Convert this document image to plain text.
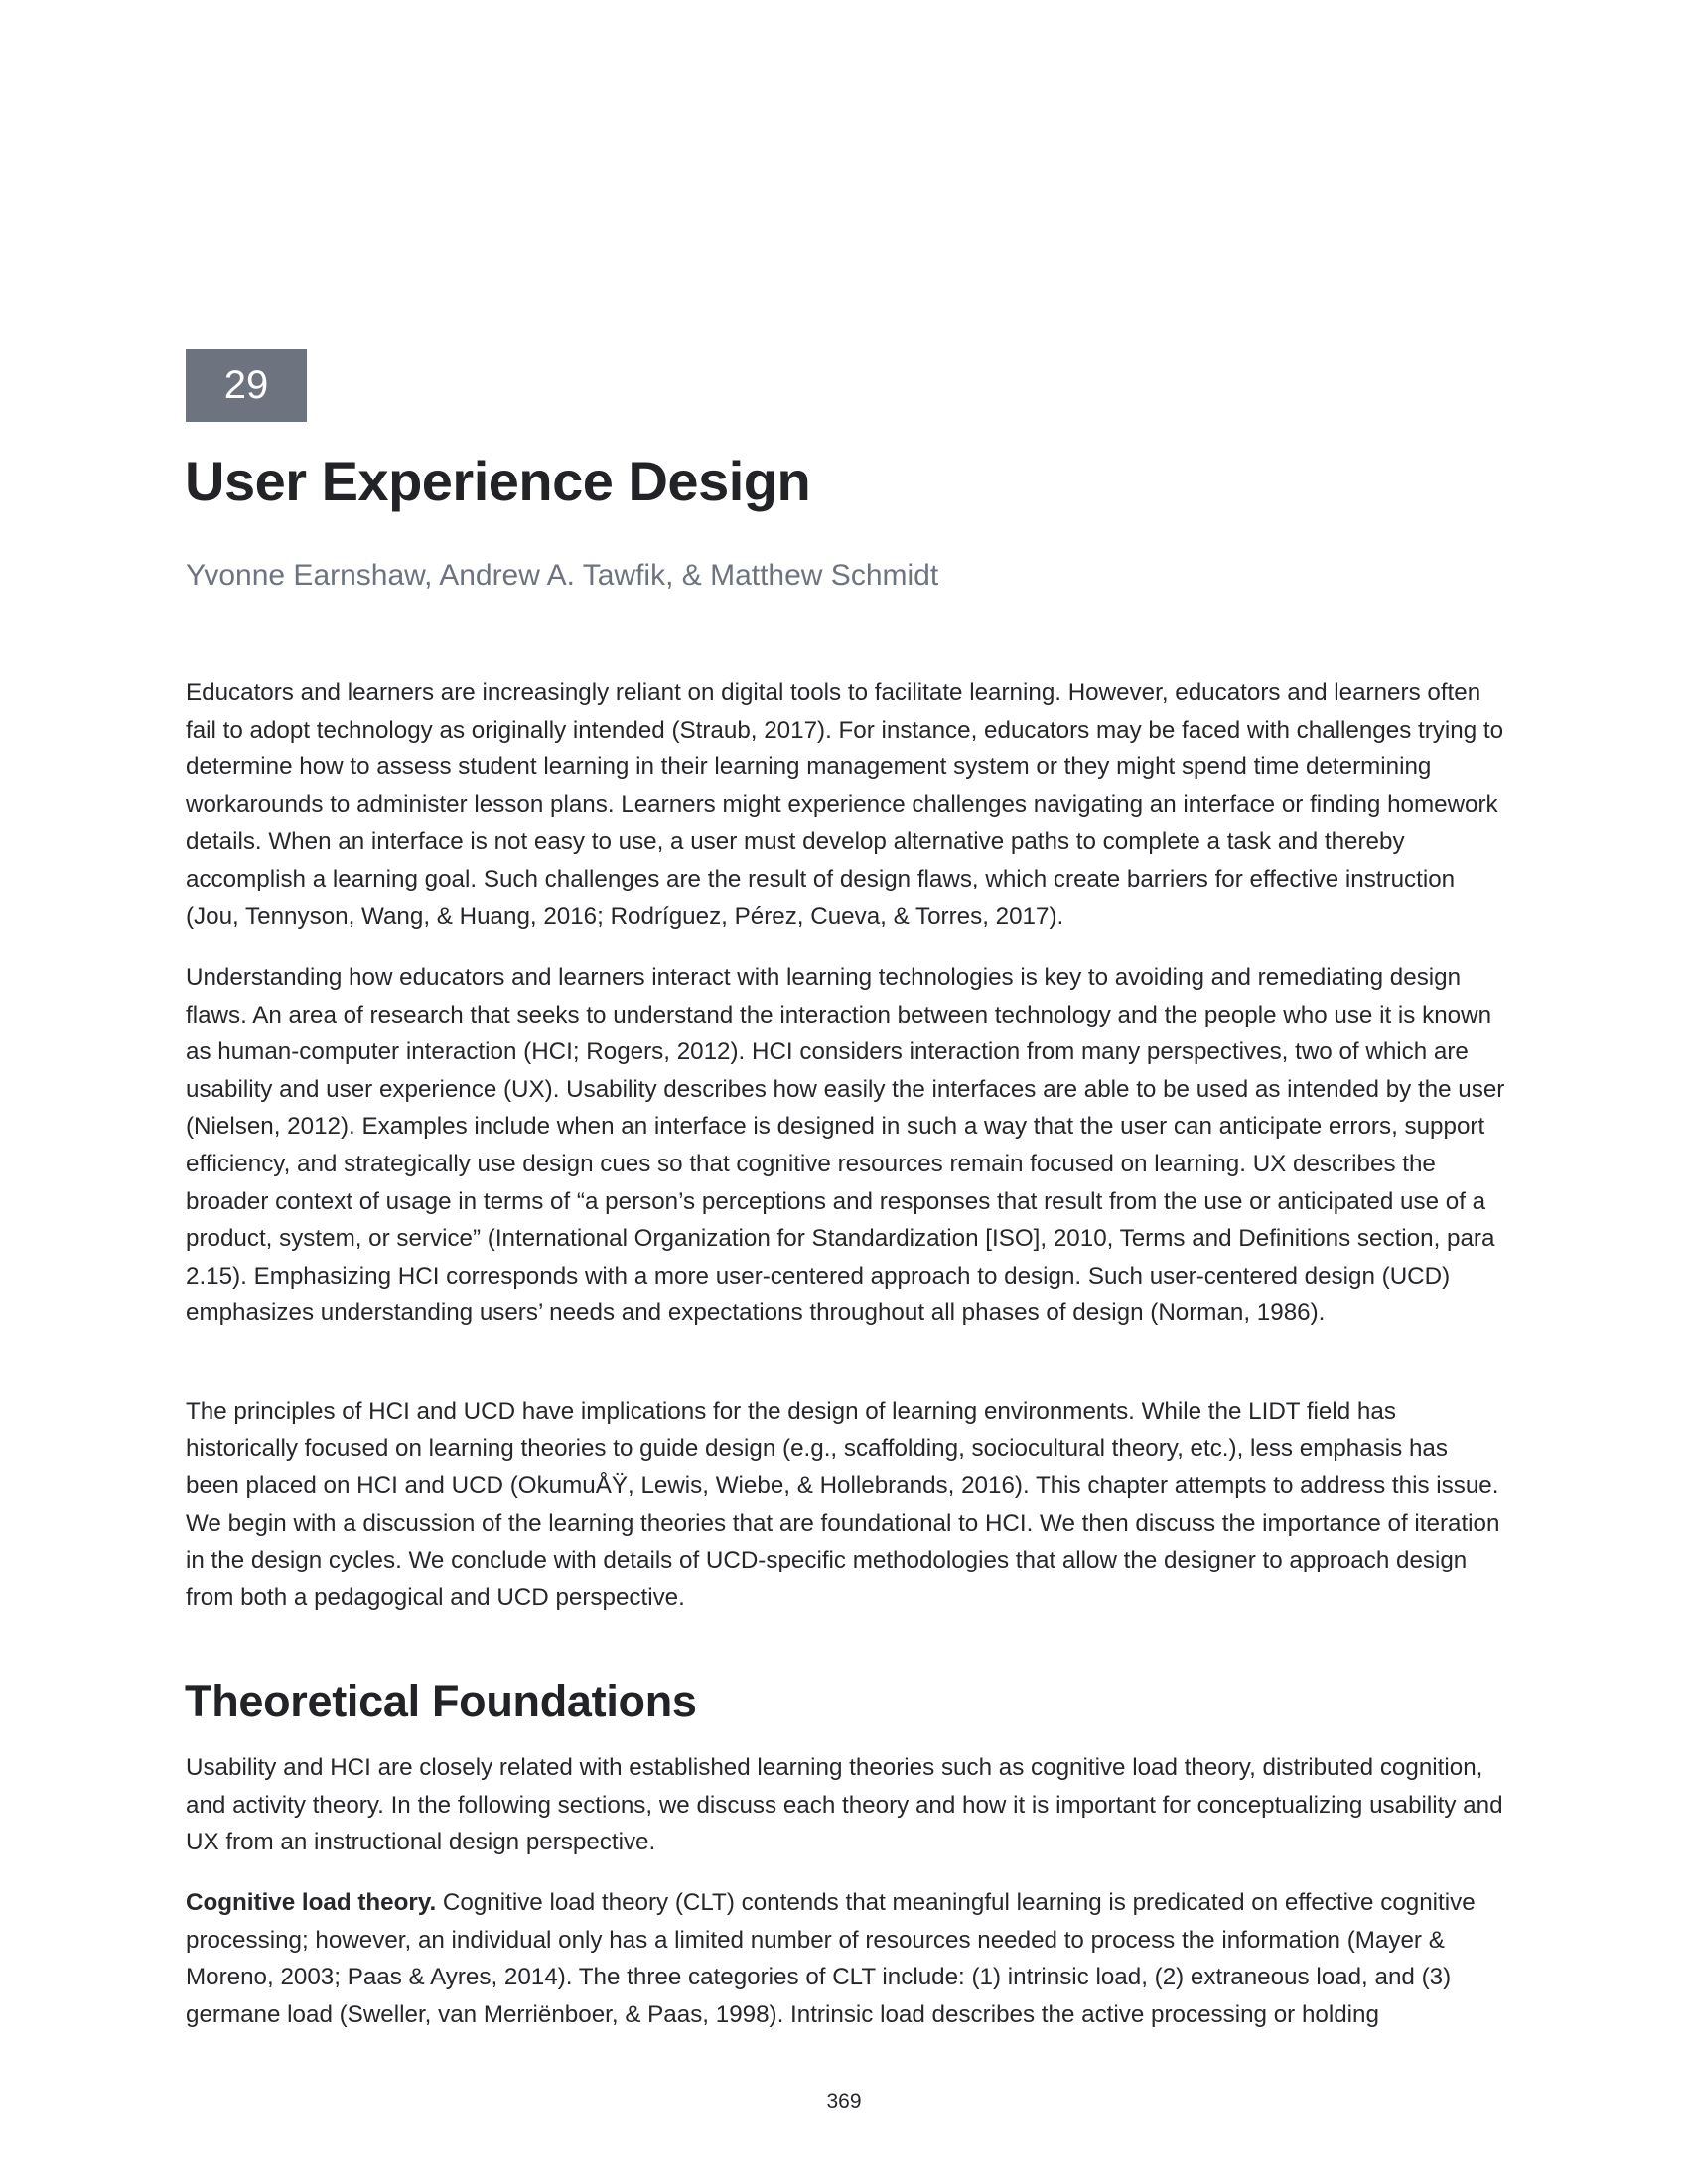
29
User Experience Design

Yvonne Earnshaw, Andrew A. Tawfik, & Matthew Schmidt

Educators and learners are increasingly reliant on digital tools to facilitate learning. However, educators and learners often fail to adopt technology as originally intended (Straub, 2017). For instance, educators may be faced with challenges trying to determine how to assess student learning in their learning management system or they might spend time determining workarounds to administer lesson plans. Learners might experience challenges navigating an interface or finding homework details. When an interface is not easy to use, a user must develop alternative paths to complete a task and thereby accomplish a learning goal. Such challenges are the result of design flaws, which create barriers for effective instruction (Jou, Tennyson, Wang, & Huang, 2016; Rodríguez, Pérez, Cueva, & Torres, 2017).

Understanding how educators and learners interact with learning technologies is key to avoiding and remediating design flaws. An area of research that seeks to understand the interaction between technology and the people who use it is known as human-computer interaction (HCI; Rogers, 2012). HCI considers interaction from many perspectives, two of which are usability and user experience (UX). Usability describes how easily the interfaces are able to be used as intended by the user (Nielsen, 2012). Examples include when an interface is designed in such a way that the user can anticipate errors, support efficiency, and strategically use design cues so that cognitive resources remain focused on learning. UX describes the broader context of usage in terms of “a person’s perceptions and responses that result from the use or anticipated use of a product, system, or service” (International Organization for Standardization [ISO], 2010, Terms and Definitions section, para 2.15). Emphasizing HCI corresponds with a more user-centered approach to design. Such user-centered design (UCD) emphasizes understanding users’ needs and expectations throughout all phases of design (Norman, 1986).

The principles of HCI and UCD have implications for the design of learning environments. While the LIDT field has historically focused on learning theories to guide design (e.g., scaffolding, sociocultural theory, etc.), less emphasis has been placed on HCI and UCD (OkumuÅŸ, Lewis, Wiebe, & Hollebrands, 2016). This chapter attempts to address this issue. We begin with a discussion of the learning theories that are foundational to HCI. We then discuss the importance of iteration in the design cycles. We conclude with details of UCD-specific methodologies that allow the designer to approach design from both a pedagogical and UCD perspective.

Theoretical Foundations

Usability and HCI are closely related with established learning theories such as cognitive load theory, distributed cognition, and activity theory. In the following sections, we discuss each theory and how it is important for conceptualizing usability and UX from an instructional design perspective.

Cognitive load theory. Cognitive load theory (CLT) contends that meaningful learning is predicated on effective cognitive processing; however, an individual only has a limited number of resources needed to process the information (Mayer & Moreno, 2003; Paas & Ayres, 2014). The three categories of CLT include: (1) intrinsic load, (2) extraneous load, and (3) germane load (Sweller, van Merriënboer, & Paas, 1998). Intrinsic load describes the active processing or holding

369
